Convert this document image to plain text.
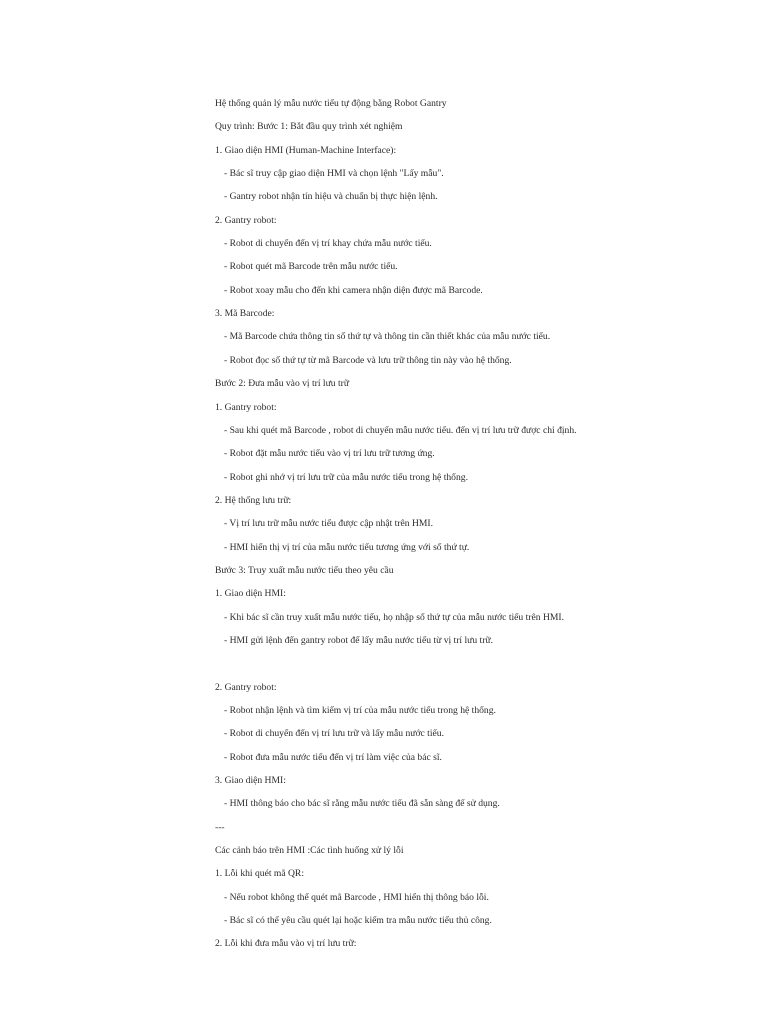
Hệ thống quản lý mẫu nước tiểu tự động bằng Robot Gantry

Quy trình: Bước 1: Bắt đầu quy trình xét nghiệm

1. Giao diện HMI (Human-Machine Interface):

- Bác sĩ truy cập giao diện HMI và chọn lệnh "Lấy mẫu".

- Gantry robot nhận tín hiệu và chuẩn bị thực hiện lệnh.

2. Gantry robot:

- Robot di chuyển đến vị trí khay chứa mẫu nước tiểu.

- Robot quét mã Barcode trên mẫu nước tiểu.

- Robot xoay mẫu cho đến khi camera nhận diện được mã Barcode.

3. Mã Barcode:

- Mã Barcode chứa thông tin số thứ tự và thông tin cần thiết khác của mẫu nước tiểu.

- Robot đọc số thứ tự từ mã Barcode và lưu trữ thông tin này vào hệ thống.

Bước 2: Đưa mẫu vào vị trí lưu trữ

1. Gantry robot:

- Sau khi quét mã Barcode , robot di chuyển mẫu nước tiểu. đến vị trí lưu trữ được chỉ định.

- Robot đặt mẫu nước tiểu vào vị trí lưu trữ tương ứng.

- Robot ghi nhớ vị trí lưu trữ của mẫu nước tiểu trong hệ thống.

2. Hệ thống lưu trữ:

- Vị trí lưu trữ mẫu nước tiểu được cập nhật trên HMI.

- HMI hiển thị vị trí của mẫu nước tiểu tương ứng với số thứ tự.

Bước 3: Truy xuất mẫu nước tiểu theo yêu cầu

1. Giao diện HMI:

- Khi bác sĩ cần truy xuất mẫu nước tiểu, họ nhập số thứ tự của mẫu nước tiểu trên HMI.

- HMI gửi lệnh đến gantry robot để lấy mẫu nước tiểu từ vị trí lưu trữ.

2. Gantry robot:

- Robot nhận lệnh và tìm kiếm vị trí của mẫu nước tiểu trong hệ thống.

- Robot di chuyển đến vị trí lưu trữ và lấy mẫu nước tiểu.

- Robot đưa mẫu nước tiểu đến vị trí làm việc của bác sĩ.

3. Giao diện HMI:

- HMI thông báo cho bác sĩ rằng mẫu nước tiểu đã sẵn sàng để sử dụng.

---

Các cảnh báo trên HMI :Các tình huống xử lý lỗi

1. Lỗi khi quét mã QR:

- Nếu robot không thể quét mã Barcode , HMI hiển thị thông báo lỗi.

- Bác sĩ có thể yêu cầu quét lại hoặc kiểm tra mẫu nước tiểu thủ công.

2. Lỗi khi đưa mẫu vào vị trí lưu trữ:
